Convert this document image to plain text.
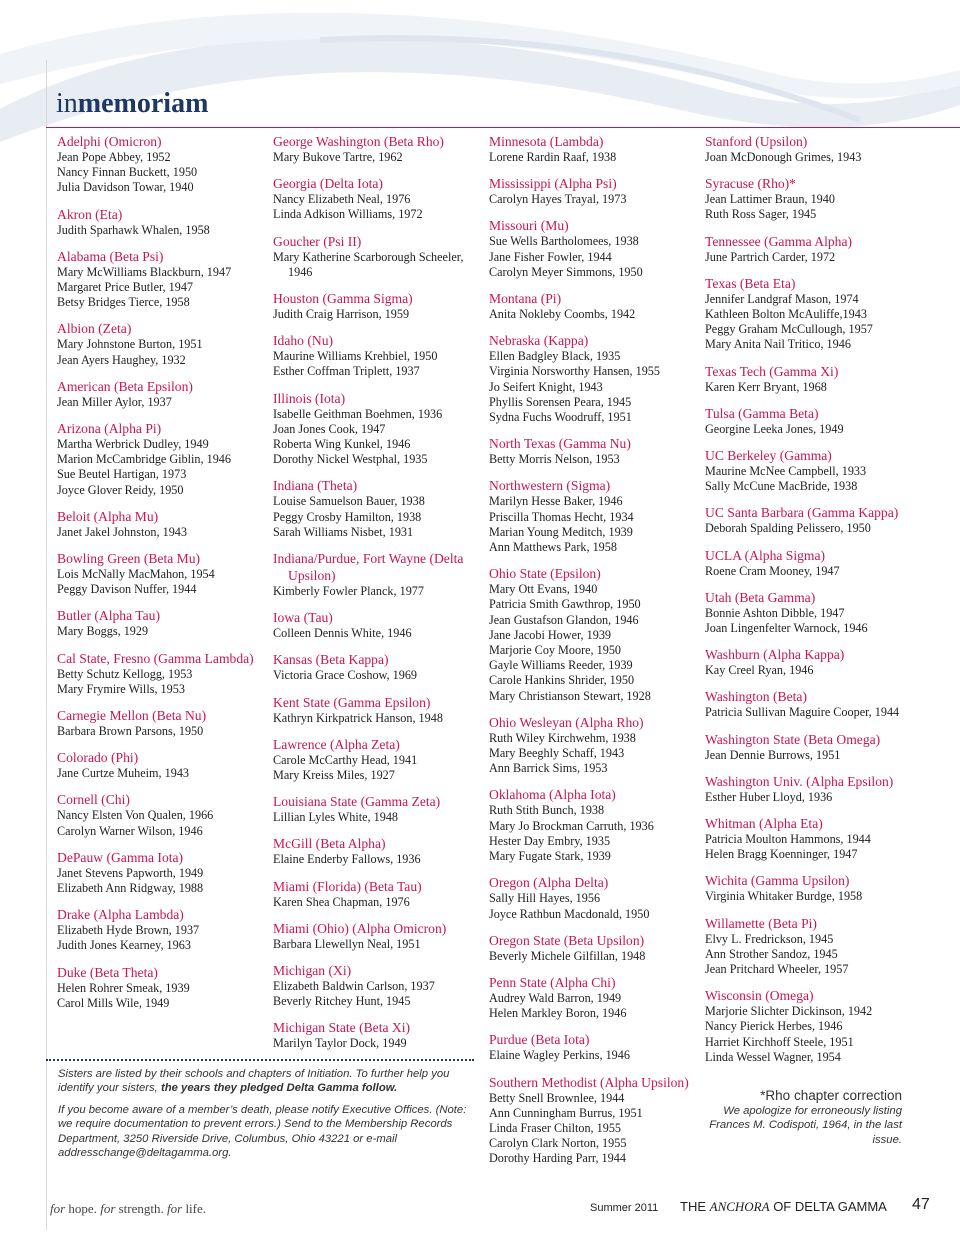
inmemoriam
Adelphi (Omicron)
Jean Pope Abbey, 1952
Nancy Finnan Buckett, 1950
Julia Davidson Towar, 1940
Akron (Eta)
Judith Sparhawk Whalen, 1958
Alabama (Beta Psi)
Mary McWilliams Blackburn, 1947
Margaret Price Butler, 1947
Betsy Bridges Tierce, 1958
Albion (Zeta)
Mary Johnstone Burton, 1951
Jean Ayers Haughey, 1932
American (Beta Epsilon)
Jean Miller Aylor, 1937
Arizona (Alpha Pi)
Martha Werbrick Dudley, 1949
Marion McCambridge Giblin, 1946
Sue Beutel Hartigan, 1973
Joyce Glover Reidy, 1950
Beloit (Alpha Mu)
Janet Jakel Johnston, 1943
Bowling Green (Beta Mu)
Lois McNally MacMahon, 1954
Peggy Davison Nuffer, 1944
Butler (Alpha Tau)
Mary Boggs, 1929
Cal State, Fresno (Gamma Lambda)
Betty Schutz Kellogg, 1953
Mary Frymire Wills, 1953
Carnegie Mellon (Beta Nu)
Barbara Brown Parsons, 1950
Colorado (Phi)
Jane Curtze Muheim, 1943
Cornell (Chi)
Nancy Elsten Von Qualen, 1966
Carolyn Warner Wilson, 1946
DePauw (Gamma Iota)
Janet Stevens Papworth, 1949
Elizabeth Ann Ridgway, 1988
Drake (Alpha Lambda)
Elizabeth Hyde Brown, 1937
Judith Jones Kearney, 1963
Duke (Beta Theta)
Helen Rohrer Smeak, 1939
Carol Mills Wile, 1949
George Washington (Beta Rho)
Mary Bukove Tartre, 1962
Georgia (Delta Iota)
Nancy Elizabeth Neal, 1976
Linda Adkison Williams, 1972
Goucher (Psi II)
Mary Katherine Scarborough Scheeler, 1946
Houston (Gamma Sigma)
Judith Craig Harrison, 1959
Idaho (Nu)
Maurine Williams Krehbiel, 1950
Esther Coffman Triplett, 1937
Illinois (Iota)
Isabelle Geithman Boehmen, 1936
Joan Jones Cook, 1947
Roberta Wing Kunkel, 1946
Dorothy Nickel Westphal, 1935
Indiana (Theta)
Louise Samuelson Bauer, 1938
Peggy Crosby Hamilton, 1938
Sarah Williams Nisbet, 1931
Indiana/Purdue, Fort Wayne (Delta Upsilon)
Kimberly Fowler Planck, 1977
Iowa (Tau)
Colleen Dennis White, 1946
Kansas (Beta Kappa)
Victoria Grace Coshow, 1969
Kent State (Gamma Epsilon)
Kathryn Kirkpatrick Hanson, 1948
Lawrence (Alpha Zeta)
Carole McCarthy Head, 1941
Mary Kreiss Miles, 1927
Louisiana State (Gamma Zeta)
Lillian Lyles White, 1948
McGill (Beta Alpha)
Elaine Enderby Fallows, 1936
Miami (Florida) (Beta Tau)
Karen Shea Chapman, 1976
Miami (Ohio) (Alpha Omicron)
Barbara Llewellyn Neal, 1951
Michigan (Xi)
Elizabeth Baldwin Carlson, 1937
Beverly Ritchey Hunt, 1945
Michigan State (Beta Xi)
Marilyn Taylor Dock, 1949
Minnesota (Lambda)
Lorene Rardin Raaf, 1938
Mississippi (Alpha Psi)
Carolyn Hayes Trayal, 1973
Missouri (Mu)
Sue Wells Bartholomees, 1938
Jane Fisher Fowler, 1944
Carolyn Meyer Simmons, 1950
Montana (Pi)
Anita Nokleby Coombs, 1942
Nebraska (Kappa)
Ellen Badgley Black, 1935
Virginia Norsworthy Hansen, 1955
Jo Seifert Knight, 1943
Phyllis Sorensen Peara, 1945
Sydna Fuchs Woodruff, 1951
North Texas (Gamma Nu)
Betty Morris Nelson, 1953
Northwestern (Sigma)
Marilyn Hesse Baker, 1946
Priscilla Thomas Hecht, 1934
Marian Young Meditch, 1939
Ann Matthews Park, 1958
Ohio State (Epsilon)
Mary Ott Evans, 1940
Patricia Smith Gawthrop, 1950
Jean Gustafson Glandon, 1946
Jane Jacobi Hower, 1939
Marjorie Coy Moore, 1950
Gayle Williams Reeder, 1939
Carole Hankins Shrider, 1950
Mary Christianson Stewart, 1928
Ohio Wesleyan (Alpha Rho)
Ruth Wiley Kirchwehm, 1938
Mary Beeghly Schaff, 1943
Ann Barrick Sims, 1953
Oklahoma (Alpha Iota)
Ruth Stith Bunch, 1938
Mary Jo Brockman Carruth, 1936
Hester Day Embry, 1935
Mary Fugate Stark, 1939
Oregon (Alpha Delta)
Sally Hill Hayes, 1956
Joyce Rathbun Macdonald, 1950
Oregon State (Beta Upsilon)
Beverly Michele Gilfillan, 1948
Penn State (Alpha Chi)
Audrey Wald Barron, 1949
Helen Markley Boron, 1946
Purdue (Beta Iota)
Elaine Wagley Perkins, 1946
Southern Methodist (Alpha Upsilon)
Betty Snell Brownlee, 1944
Ann Cunningham Burrus, 1951
Linda Fraser Chilton, 1955
Carolyn Clark Norton, 1955
Dorothy Harding Parr, 1944
Stanford (Upsilon)
Joan McDonough Grimes, 1943
Syracuse (Rho)*
Jean Lattimer Braun, 1940
Ruth Ross Sager, 1945
Tennessee (Gamma Alpha)
June Partrich Carder, 1972
Texas (Beta Eta)
Jennifer Landgraf Mason, 1974
Kathleen Bolton McAuliffe,1943
Peggy Graham McCullough, 1957
Mary Anita Nail Tritico, 1946
Texas Tech (Gamma Xi)
Karen Kerr Bryant, 1968
Tulsa (Gamma Beta)
Georgine Leeka Jones, 1949
UC Berkeley (Gamma)
Maurine McNee Campbell, 1933
Sally McCune MacBride, 1938
UC Santa Barbara (Gamma Kappa)
Deborah Spalding Pelissero, 1950
UCLA (Alpha Sigma)
Roene Cram Mooney, 1947
Utah (Beta Gamma)
Bonnie Ashton Dibble, 1947
Joan Lingenfelter Warnock, 1946
Washburn (Alpha Kappa)
Kay Creel Ryan, 1946
Washington (Beta)
Patricia Sullivan Maguire Cooper, 1944
Washington State (Beta Omega)
Jean Dennie Burrows, 1951
Washington Univ. (Alpha Epsilon)
Esther Huber Lloyd, 1936
Whitman (Alpha Eta)
Patricia Moulton Hammons, 1944
Helen Bragg Koenninger, 1947
Wichita (Gamma Upsilon)
Virginia Whitaker Burdge, 1958
Willamette (Beta Pi)
Elvy L. Fredrickson, 1945
Ann Strother Sandoz, 1945
Jean Pritchard Wheeler, 1957
Wisconsin (Omega)
Marjorie Slichter Dickinson, 1942
Nancy Pierick Herbes, 1946
Harriet Kirchhoff Steele, 1951
Linda Wessel Wagner, 1954

Sisters are listed by their schools and chapters of Initiation. To further help you identify your sisters, the years they pledged Delta Gamma follow.

If you become aware of a member’s death, please notify Executive Offices. (Note: we require documentation to prevent errors.) Send to the Membership Records Department, 3250 Riverside Drive, Columbus, Ohio 43221 or e-mail addresschange@deltagamma.org.

*Rho chapter correction
We apologize for erroneously listing Frances M. Codispoti, 1964, in the last issue.
for hope. for strength. for life.	Summer 2011 THE ANCHORA OF DELTA GAMMA 47
